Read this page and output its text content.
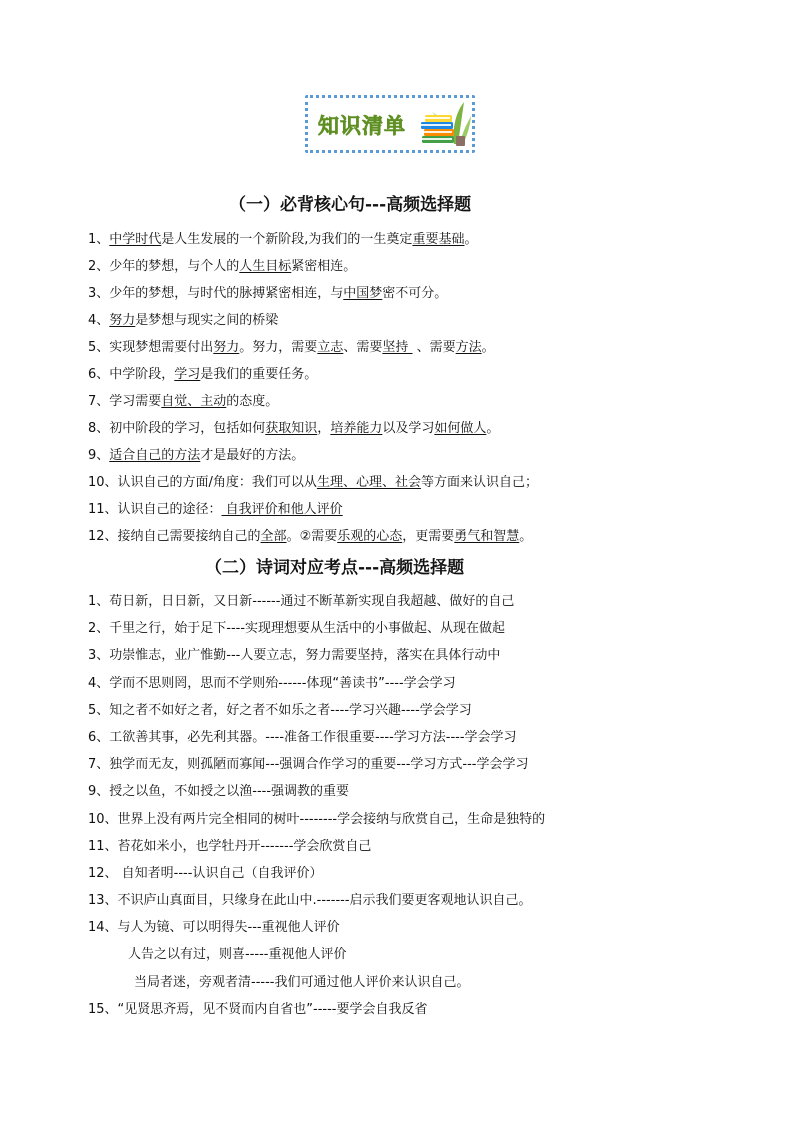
知识清单
（一）必背核心句---高频选择题
1、中学时代是人生发展的一个新阶段,为我们的一生奠定重要基础。
2、少年的梦想，与个人的人生目标紧密相连。
3、少年的梦想，与时代的脉搏紧密相连，与中国梦密不可分。
4、努力是梦想与现实之间的桥梁
5、实现梦想需要付出努力。努力，需要立志、需要坚持  、需要方法。
6、中学阶段，学习是我们的重要任务。
7、学习需要自觉、主动的态度。
8、初中阶段的学习，包括如何获取知识，培养能力以及学习如何做人。
9、适合自己的方法才是最好的方法。
10、认识自己的方面/角度：我们可以从生理、心理、社会等方面来认识自己；
11、认识自己的途径： 自我评价和他人评价
12、接纳自己需要接纳自己的全部。②需要乐观的心态，更需要勇气和智慧。
（二）诗词对应考点---高频选择题
1、苟日新，日日新，又日新------通过不断革新实现自我超越、做好的自己
2、千里之行，始于足下----实现理想要从生活中的小事做起、从现在做起
3、功崇惟志，业广惟勤---人要立志，努力需要坚持，落实在具体行动中
4、学而不思则罔，思而不学则殆------体现“善读书”----学会学习
5、知之者不如好之者，好之者不如乐之者----学习兴趣----学会学习
6、工欲善其事，必先利其器。----准备工作很重要----学习方法----学会学习
7、独学而无友，则孤陋而寡闻---强调合作学习的重要---学习方式---学会学习
9、授之以鱼，不如授之以渔----强调教的重要
10、世界上没有两片完全相同的树叶--------学会接纳与欣赏自己，生命是独特的
11、苔花如米小，也学牡丹开-------学会欣赏自己
12、 自知者明----认识自己（自我评价）
13、不识庐山真面目，只缘身在此山中.-------启示我们要更客观地认识自己。
14、与人为镜、可以明得失---重视他人评价
人告之以有过，则喜-----重视他人评价
当局者迷，旁观者清-----我们可通过他人评价来认识自己。
15、“见贤思齐焉，见不贤而内自省也”-----要学会自我反省
